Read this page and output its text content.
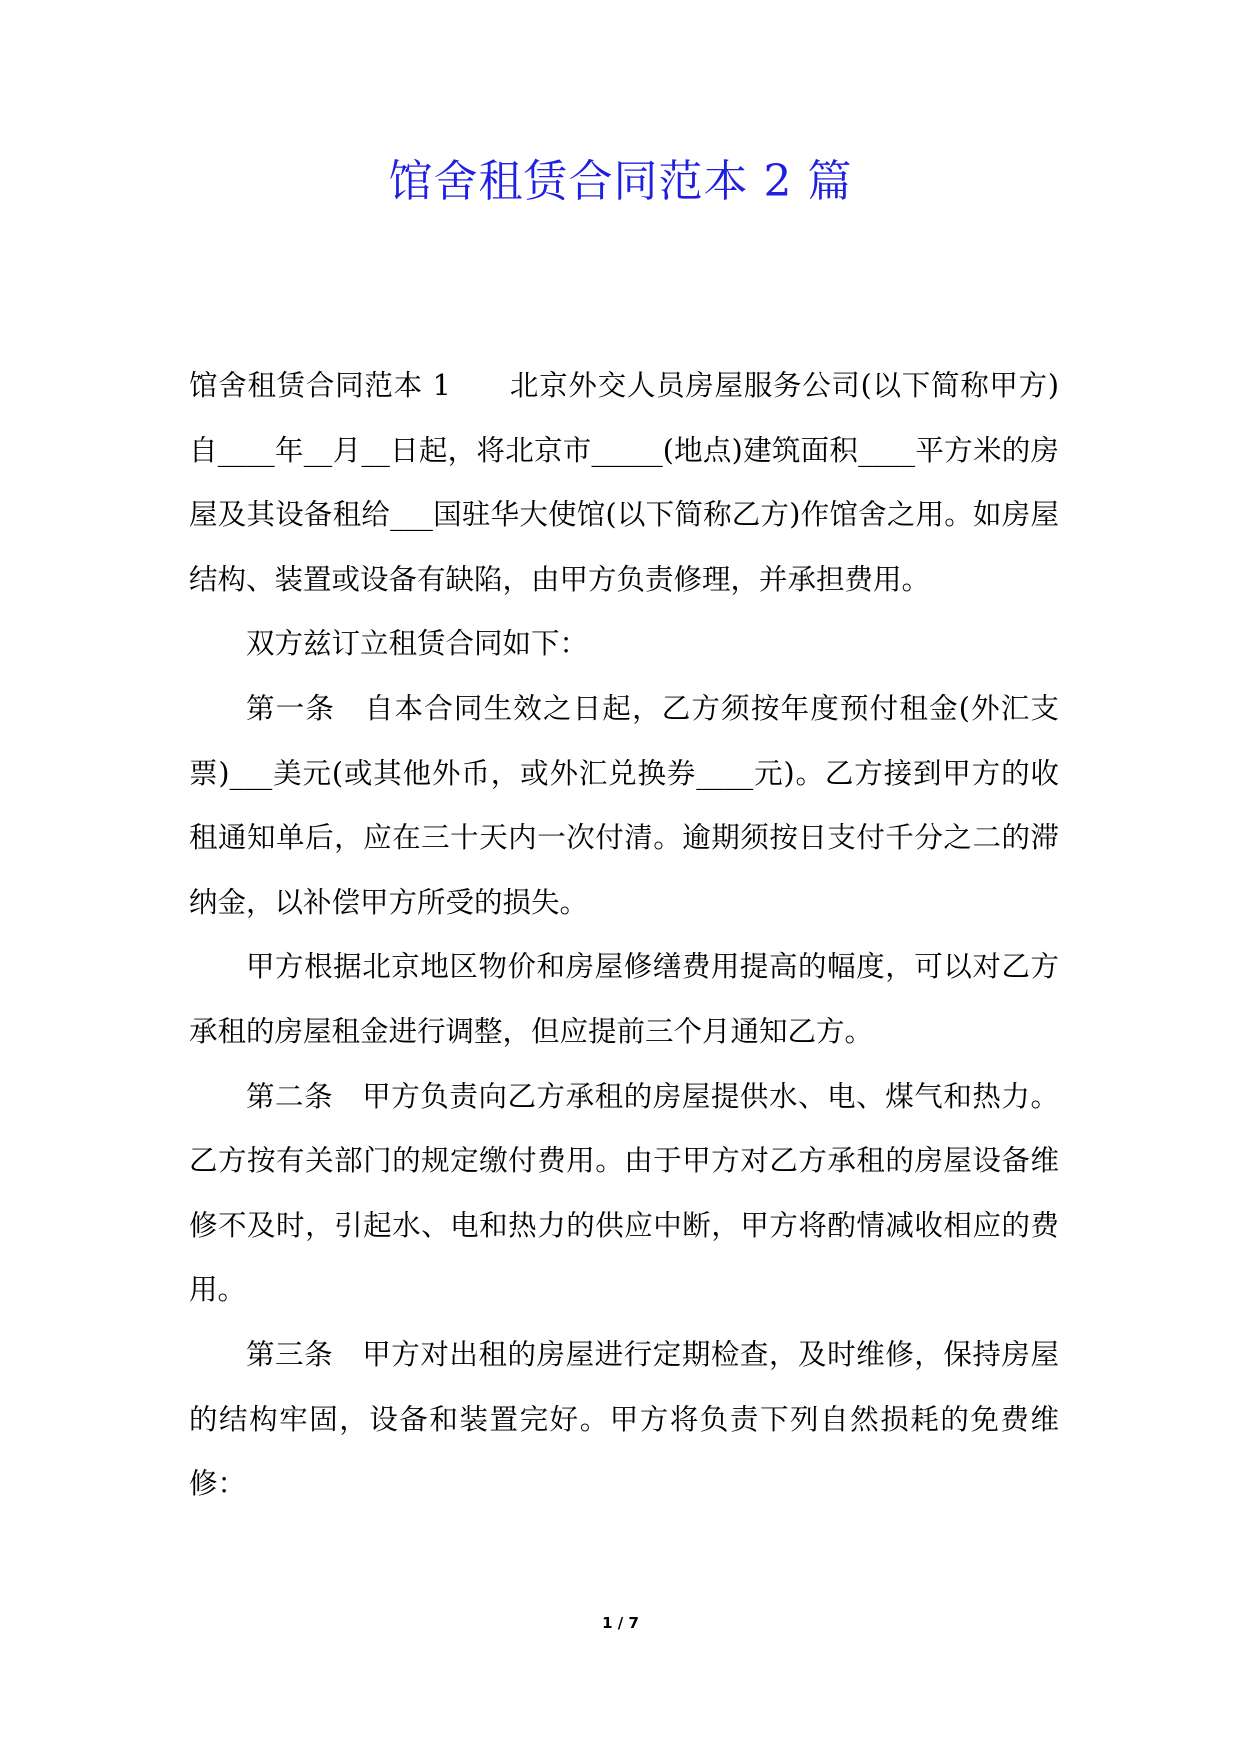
馆舍租赁合同范本 2 篇

馆舍租赁合同范本 1　　北京外交人员房屋服务公司(以下简称甲方)自____年__月__日起，将北京市_____(地点)建筑面积____平方米的房屋及其设备租给___国驻华大使馆(以下简称乙方)作馆舍之用。如房屋结构、装置或设备有缺陷，由甲方负责修理，并承担费用。

双方兹订立租赁合同如下：

第一条　自本合同生效之日起，乙方须按年度预付租金(外汇支票)___美元(或其他外币，或外汇兑换券____元)。乙方接到甲方的收租通知单后，应在三十天内一次付清。逾期须按日支付千分之二的滞纳金，以补偿甲方所受的损失。

甲方根据北京地区物价和房屋修缮费用提高的幅度，可以对乙方承租的房屋租金进行调整，但应提前三个月通知乙方。

第二条　甲方负责向乙方承租的房屋提供水、电、煤气和热力。乙方按有关部门的规定缴付费用。由于甲方对乙方承租的房屋设备维修不及时，引起水、电和热力的供应中断，甲方将酌情减收相应的费用。

第三条　甲方对出租的房屋进行定期检查，及时维修，保持房屋的结构牢固，设备和装置完好。甲方将负责下列自然损耗的免费维修：

1 / 7
